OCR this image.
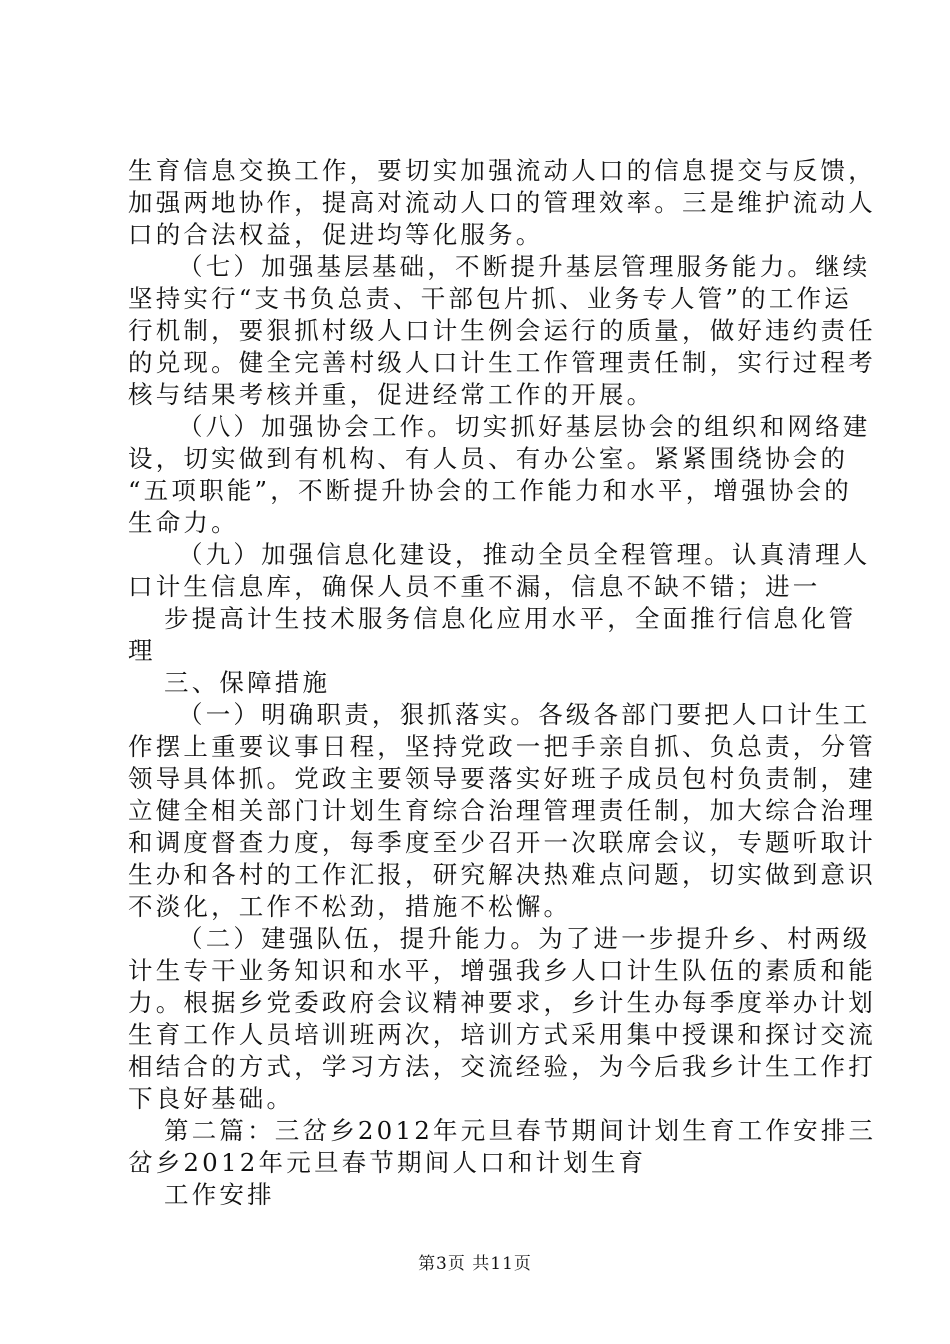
生育信息交换工作，要切实加强流动人口的信息提交与反馈，
加强两地协作，提高对流动人口的管理效率。三是维护流动人
口的合法权益，促进均等化服务。
（七）加强基层基础，不断提升基层管理服务能力。继续
坚持实行“支书负总责、干部包片抓、业务专人管”的工作运
行机制，要狠抓村级人口计生例会运行的质量，做好违约责任
的兑现。健全完善村级人口计生工作管理责任制，实行过程考
核与结果考核并重，促进经常工作的开展。
（八）加强协会工作。切实抓好基层协会的组织和网络建
设，切实做到有机构、有人员、有办公室。紧紧围绕协会的
“五项职能”，不断提升协会的工作能力和水平，增强协会的
生命力。
（九）加强信息化建设，推动全员全程管理。认真清理人
口计生信息库，确保人员不重不漏，信息不缺不错；进一
步提高计生技术服务信息化应用水平，全面推行信息化管
理
三、保障措施
（一）明确职责，狠抓落实。各级各部门要把人口计生工
作摆上重要议事日程，坚持党政一把手亲自抓、负总责，分管
领导具体抓。党政主要领导要落实好班子成员包村负责制，建
立健全相关部门计划生育综合治理管理责任制，加大综合治理
和调度督查力度，每季度至少召开一次联席会议，专题听取计
生办和各村的工作汇报，研究解决热难点问题，切实做到意识
不淡化，工作不松劲，措施不松懈。
（二）建强队伍，提升能力。为了进一步提升乡、村两级
计生专干业务知识和水平，增强我乡人口计生队伍的素质和能
力。根据乡党委政府会议精神要求，乡计生办每季度举办计划
生育工作人员培训班两次，培训方式采用集中授课和探讨交流
相结合的方式，学习方法，交流经验，为今后我乡计生工作打
下良好基础。
第二篇：三岔乡2012年元旦春节期间计划生育工作安排三
岔乡2012年元旦春节期间人口和计划生育
工作安排
第3页 共11页
